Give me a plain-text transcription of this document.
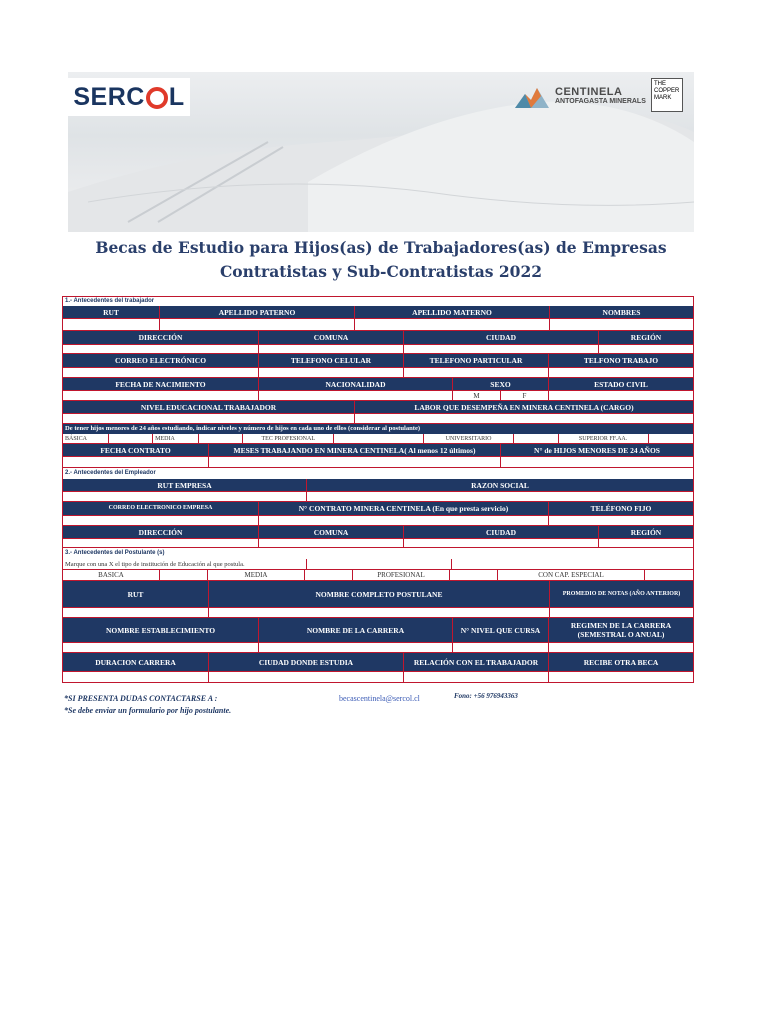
SERC L	CENTINELA
ANTOFAGASTA MINERALS
THE COPPER MARK
Becas de Estudio para Hijos(as) de Trabajadores(as) de Empresas
Contratistas y Sub-Contratistas 2022
1.- Antecedentes del trabajador
RUT	APELLIDO PATERNO	APELLIDO MATERNO	NOMBRES
DIRECCIÓN	COMUNA	CIUDAD	REGIÓN
CORREO ELECTRÓNICO	TELEFONO CELULAR	TELEFONO PARTICULAR	TELFONO TRABAJO
FECHA DE NACIMIENTO	NACIONALIDAD	SEXO	ESTADO CIVIL
M	F
NIVEL EDUCACIONAL TRABAJADOR	LABOR QUE DESEMPEÑA EN MINERA CENTINELA (CARGO)
De tener hijos menores de 24 años estudiando, indicar niveles y número de hijos en cada uno de ellos (considerar al postulante)
BÁSICA	MEDIA	TEC PROFESIONAL	UNIVERSITARIO	SUPERIOR FF.AA.
FECHA CONTRATO	MESES TRABAJANDO EN MINERA CENTINELA( Al menos 12 últimos)	N° de HIJOS MENORES DE 24 AÑOS
2.- Antecedentes del Empleador
RUT EMPRESA	RAZON SOCIAL
CORREO ELECTRONICO EMPRESA	N° CONTRATO MINERA CENTINELA (En que presta servicio)	TELÉFONO FIJO
DIRECCIÓN	COMUNA	CIUDAD	REGIÓN
3.- Antecedentes del Postulante (s)
Marque con una X el tipo de institución de Educación al que postula.
BASICA	MEDIA	PROFESIONAL	CON CAP. ESPECIAL
RUT	NOMBRE COMPLETO POSTULANE	PROMEDIO DE NOTAS (AÑO ANTERIOR)
NOMBRE ESTABLECIMIENTO	NOMBRE DE LA CARRERA	N° NIVEL QUE CURSA	REGIMEN DE LA CARRERA (SEMESTRAL O ANUAL)
DURACION CARRERA	CIUDAD DONDE ESTUDIA	RELACIÓN CON EL TRABAJADOR	RECIBE OTRA BECA
*SI PRESENTA DUDAS CONTACTARSE A :	becascentinela@sercol.cl	Fono: +56 976943363
*Se debe enviar un formulario por hijo postulante.
